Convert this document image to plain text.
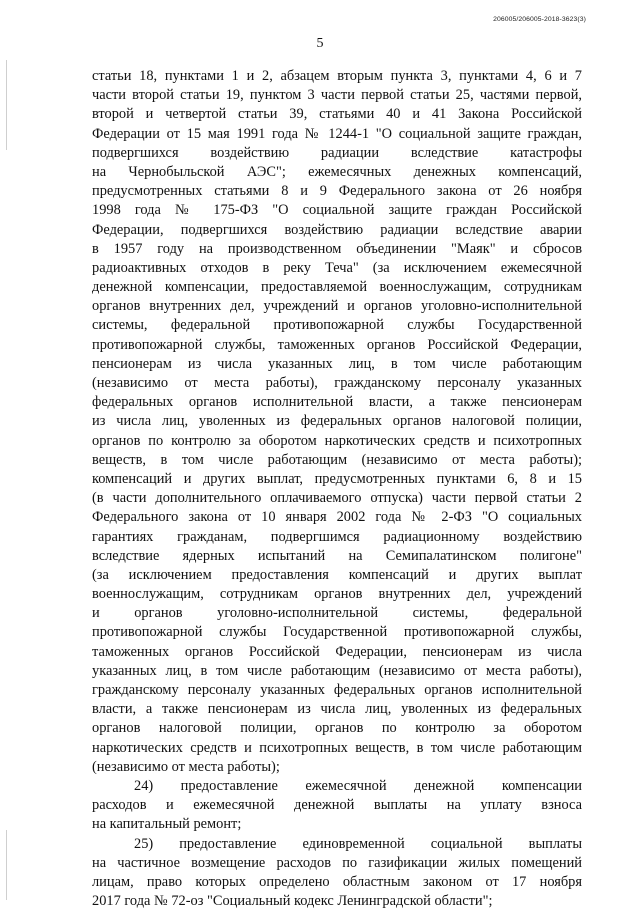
206005/206005-2018-3623(3)
5
статьи 18, пунктами 1 и 2, абзацем вторым пункта 3, пунктами 4, 6 и 7
части второй статьи 19, пунктом 3 части первой статьи 25, частями первой,
второй и четвертой статьи 39, статьями 40 и 41 Закона Российской
Федерации от 15 мая 1991 года № 1244-1 "О социальной защите граждан,
подвергшихся воздействию радиации вследствие катастрофы
на Чернобыльской АЭС"; ежемесячных денежных компенсаций,
предусмотренных статьями 8 и 9 Федерального закона от 26 ноября
1998 года № 175-ФЗ "О социальной защите граждан Российской
Федерации, подвергшихся воздействию радиации вследствие аварии
в 1957 году на производственном объединении "Маяк" и сбросов
радиоактивных отходов в реку Теча" (за исключением ежемесячной
денежной компенсации, предоставляемой военнослужащим, сотрудникам
органов внутренних дел, учреждений и органов уголовно-исполнительной
системы, федеральной противопожарной службы Государственной
противопожарной службы, таможенных органов Российской Федерации,
пенсионерам из числа указанных лиц, в том числе работающим
(независимо от места работы), гражданскому персоналу указанных
федеральных органов исполнительной власти, а также пенсионерам
из числа лиц, уволенных из федеральных органов налоговой полиции,
органов по контролю за оборотом наркотических средств и психотропных
веществ, в том числе работающим (независимо от места работы);
компенсаций и других выплат, предусмотренных пунктами 6, 8 и 15
(в части дополнительного оплачиваемого отпуска) части первой статьи 2
Федерального закона от 10 января 2002 года № 2-ФЗ "О социальных
гарантиях гражданам, подвергшимся радиационному воздействию
вследствие ядерных испытаний на Семипалатинском полигоне"
(за исключением предоставления компенсаций и других выплат
военнослужащим, сотрудникам органов внутренних дел, учреждений
и органов уголовно-исполнительной системы, федеральной
противопожарной службы Государственной противопожарной службы,
таможенных органов Российской Федерации, пенсионерам из числа
указанных лиц, в том числе работающим (независимо от места работы),
гражданскому персоналу указанных федеральных органов исполнительной
власти, а также пенсионерам из числа лиц, уволенных из федеральных
органов налоговой полиции, органов по контролю за оборотом
наркотических средств и психотропных веществ, в том числе работающим
(независимо от места работы);
24) предоставление ежемесячной денежной компенсации
расходов и ежемесячной денежной выплаты на уплату взноса
на капитальный ремонт;
25) предоставление единовременной социальной выплаты
на частичное возмещение расходов по газификации жилых помещений
лицам, право которых определено областным законом от 17 ноября
2017 года № 72-оз "Социальный кодекс Ленинградской области";
